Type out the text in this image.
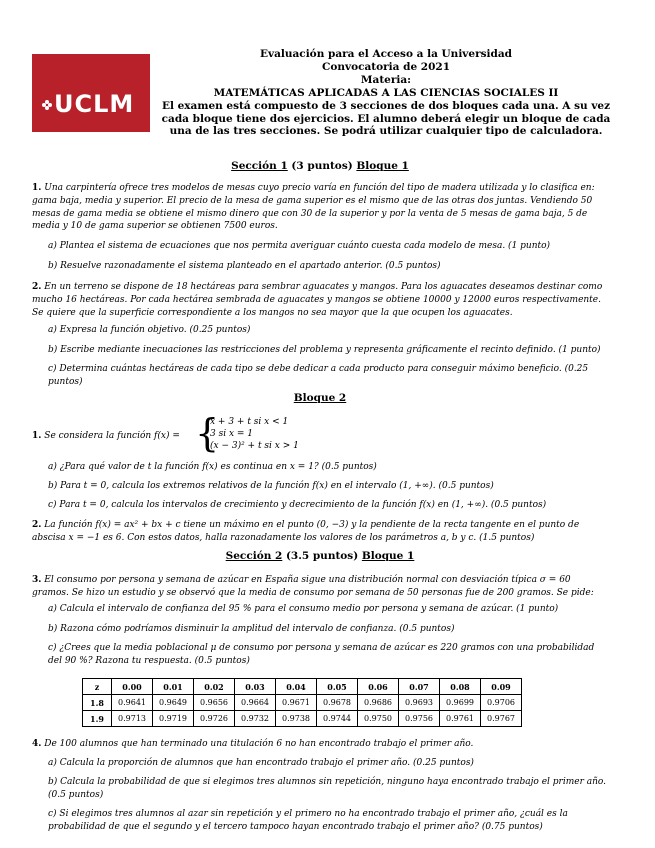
UCLM
CAMPUS DE EXCELENCIA INTERNACIONAL
Evaluación para el Acceso a la Universidad
Convocatoria de 2021
Materia:
MATEMÁTICAS APLICADAS A LAS CIENCIAS SOCIALES II
El examen está compuesto de 3 secciones de dos bloques cada una. A su vez cada bloque tiene dos ejercicios. El alumno deberá elegir un bloque de cada una de las tres secciones. Se podrá utilizar cualquier tipo de calculadora.
Sección 1 (3 puntos) Bloque 1
1. Una carpintería ofrece tres modelos de mesas cuyo precio varía en función del tipo de madera utilizada y lo clasifica en: gama baja, media y superior. El precio de la mesa de gama superior es el mismo que de las otras dos juntas. Vendiendo 50 mesas de gama media se obtiene el mismo dinero que con 30 de la superior y por la venta de 5 mesas de gama baja, 5 de media y 10 de gama superior se obtienen 7500 euros.
a) Plantea el sistema de ecuaciones que nos permita averiguar cuánto cuesta cada modelo de mesa. (1 punto)
b) Resuelve razonadamente el sistema planteado en el apartado anterior. (0.5 puntos)
2. En un terreno se dispone de 18 hectáreas para sembrar aguacates y mangos. Para los aguacates deseamos destinar como mucho 16 hectáreas. Por cada hectárea sembrada de aguacates y mangos se obtiene 10000 y 12000 euros respectivamente. Se quiere que la superficie correspondiente a los mangos no sea mayor que la que ocupen los aguacates.
a) Expresa la función objetivo. (0.25 puntos)
b) Escribe mediante inecuaciones las restricciones del problema y representa gráficamente el recinto definido. (1 punto)
c) Determina cuántas hectáreas de cada tipo se debe dedicar a cada producto para conseguir máximo beneficio. (0.25 puntos)
Bloque 2
1. Se considera la función f(x) = {
x + 3 + t si x < 1
3 si x = 1
(x − 3)² + t si x > 1
a) ¿Para qué valor de t la función f(x) es continua en x = 1? (0.5 puntos)
b) Para t = 0, calcula los extremos relativos de la función f(x) en el intervalo (1, +∞). (0.5 puntos)
c) Para t = 0, calcula los intervalos de crecimiento y decrecimiento de la función f(x) en (1, +∞). (0.5 puntos)
2. La función f(x) = ax² + bx + c tiene un máximo en el punto (0, −3) y la pendiente de la recta tangente en el punto de abscisa x = −1 es 6. Con estos datos, halla razonadamente los valores de los parámetros a, b y c. (1.5 puntos)
Sección 2 (3.5 puntos) Bloque 1
3. El consumo por persona y semana de azúcar en España sigue una distribución normal con desviación típica σ = 60 gramos. Se hizo un estudio y se observó que la media de consumo por semana de 50 personas fue de 200 gramos. Se pide:
a) Calcula el intervalo de confianza del 95 % para el consumo medio por persona y semana de azúcar. (1 punto)
b) Razona cómo podríamos disminuir la amplitud del intervalo de confianza. (0.5 puntos)
c) ¿Crees que la media poblacional μ de consumo por persona y semana de azúcar es 220 gramos con una probabilidad del 90 %? Razona tu respuesta. (0.5 puntos)
z	0.00	0.01	0.02	0.03	0.04	0.05	0.06	0.07	0.08	0.09
1.8	0.9641	0.9649	0.9656	0.9664	0.9671	0.9678	0.9686	0.9693	0.9699	0.9706
1.9	0.9713	0.9719	0.9726	0.9732	0.9738	0.9744	0.9750	0.9756	0.9761	0.9767
4. De 100 alumnos que han terminado una titulación 6 no han encontrado trabajo el primer año.
a) Calcula la proporción de alumnos que han encontrado trabajo el primer año. (0.25 puntos)
b) Calcula la probabilidad de que si elegimos tres alumnos sin repetición, ninguno haya encontrado trabajo el primer año. (0.5 puntos)
c) Si elegimos tres alumnos al azar sin repetición y el primero no ha encontrado trabajo el primer año, ¿cuál es la probabilidad de que el segundo y el tercero tampoco hayan encontrado trabajo el primer año? (0.75 puntos)
